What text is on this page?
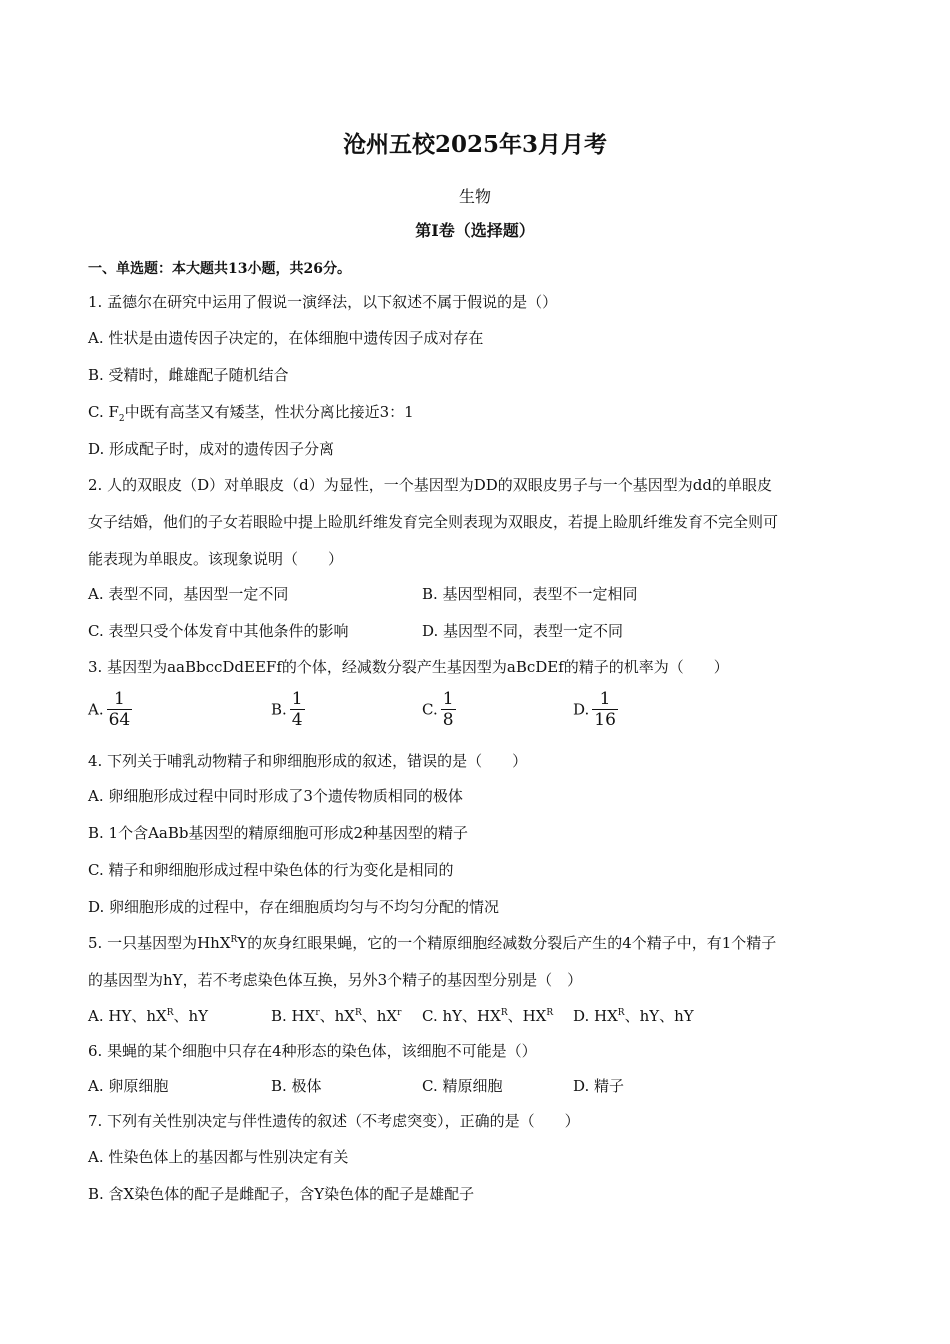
沧州五校2025年3月月考
生物
第I卷（选择题）
一、单选题：本大题共13小题，共26分。
1. 孟德尔在研究中运用了假说一演绎法，以下叙述不属于假说的是（）
A. 性状是由遗传因子决定的，在体细胞中遗传因子成对存在
B. 受精时，雌雄配子随机结合
C. $F_2$中既有高茎又有矮茎，性状分离比接近3：1
D. 形成配子时，成对的遗传因子分离
2. 人的双眼皮（D）对单眼皮（d）为显性，一个基因型为DD的双眼皮男子与一个基因型为dd的单眼皮
女子结婚，他们的子女若眼睑中提上睑肌纤维发育完全则表现为双眼皮，若提上睑肌纤维发育不完全则可
能表现为单眼皮。该现象说明（　　）
A. 表型不同，基因型一定不同	B. 基因型相同，表型不一定相同
C. 表型只受个体发育中其他条件的影响	D. 基因型不同，表型一定不同
3. 基因型为aaBbccDdEEFf的个体，经减数分裂产生基因型为aBcDEf的精子的机率为（　　）
A. $\frac{1}{64}$	B. $\frac{1}{4}$	C. $\frac{1}{8}$	D. $\frac{1}{16}$
4. 下列关于哺乳动物精子和卵细胞形成的叙述，错误的是（　　）
A. 卵细胞形成过程中同时形成了3个遗传物质相同的极体
B. 1个含AaBb基因型的精原细胞可形成2种基因型的精子
C. 精子和卵细胞形成过程中染色体的行为变化是相同的
D. 卵细胞形成的过程中，存在细胞质均匀与不均匀分配的情况
5. 一只基因型为HhX$^R$Y的灰身红眼果蝇，它的一个精原细胞经减数分裂后产生的4个精子中，有1个精子
的基因型为hY，若不考虑染色体互换，另外3个精子的基因型分别是（　）
A. HY、$hX^R$、hY	B. $HX^r$、$hX^R$、$hX^r$ C. hY、$HX^R$、$HX^R$ D. $HX^R$、hY、hY
6. 果蝇的某个细胞中只存在4种形态的染色体，该细胞不可能是（）
A. 卵原细胞	B. 极体	C. 精原细胞	D. 精子
7. 下列有关性别决定与伴性遗传的叙述（不考虑突变），正确的是（　　）
A. 性染色体上的基因都与性别决定有关
B. 含X染色体的配子是雌配子，含Y染色体的配子是雄配子
